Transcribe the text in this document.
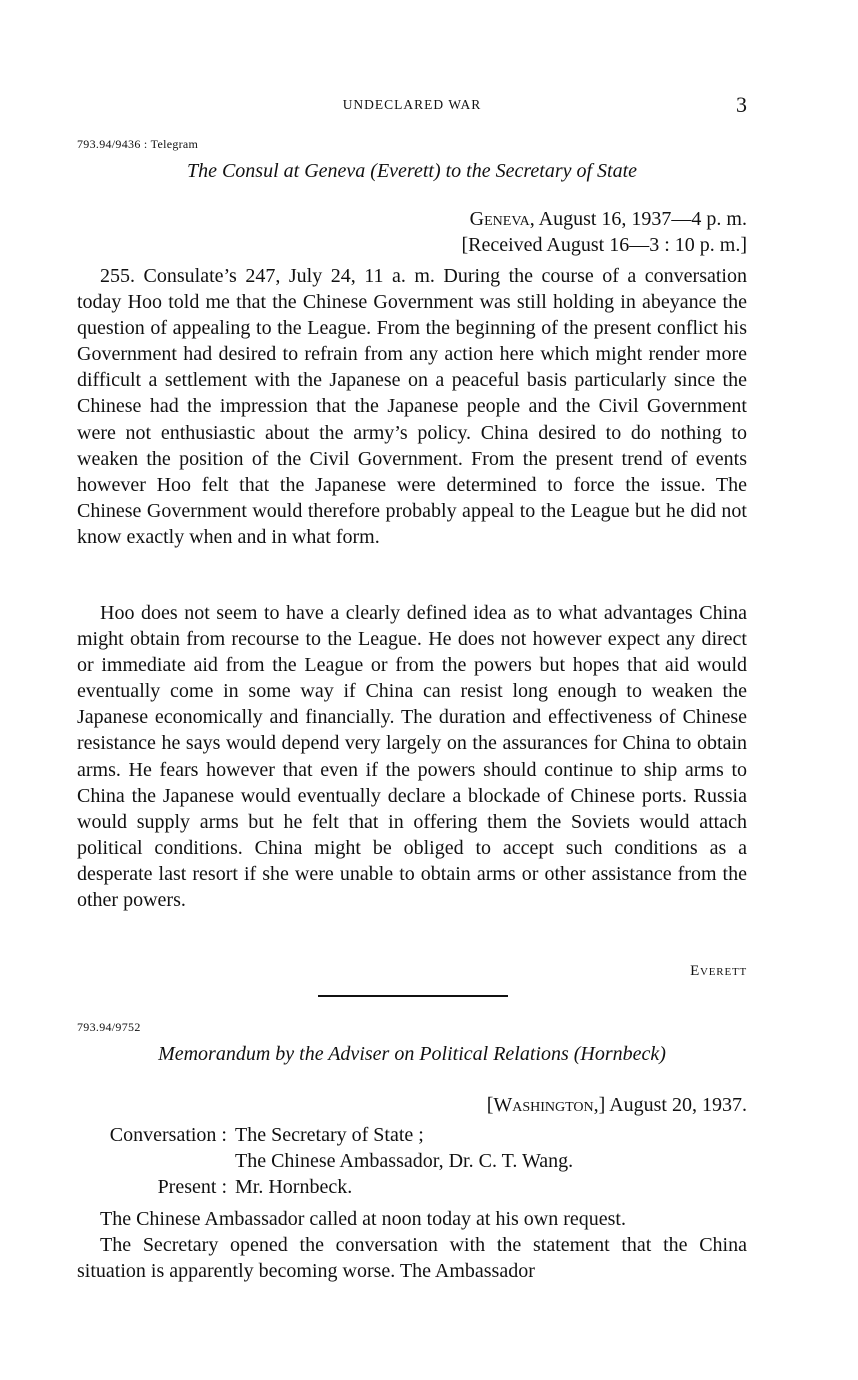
UNDECLARED WAR	3
793.94/9436 : Telegram
The Consul at Geneva (Everett) to the Secretary of State
Geneva, August 16, 1937—4 p. m.
[Received August 16—3 : 10 p. m.]

255. Consulate’s 247, July 24, 11 a. m. During the course of a conversation today Hoo told me that the Chinese Government was still holding in abeyance the question of appealing to the League. From the beginning of the present conflict his Government had desired to refrain from any action here which might render more difficult a settlement with the Japanese on a peaceful basis particularly since the Chinese had the impression that the Japanese people and the Civil Government were not enthusiastic about the army’s policy. China desired to do nothing to weaken the position of the Civil Government. From the present trend of events however Hoo felt that the Japanese were determined to force the issue. The Chinese Government would therefore probably appeal to the League but he did not know exactly when and in what form.

Hoo does not seem to have a clearly defined idea as to what advantages China might obtain from recourse to the League. He does not however expect any direct or immediate aid from the League or from the powers but hopes that aid would eventually come in some way if China can resist long enough to weaken the Japanese economically and financially. The duration and effectiveness of Chinese resistance he says would depend very largely on the assurances for China to obtain arms. He fears however that even if the powers should continue to ship arms to China the Japanese would eventually declare a blockade of Chinese ports. Russia would supply arms but he felt that in offering them the Soviets would attach political conditions. China might be obliged to accept such conditions as a desperate last resort if she were unable to obtain arms or other assistance from the other powers.

Everett
793.94/9752
Memorandum by the Adviser on Political Relations (Hornbeck)
[Washington,] August 20, 1937.
Conversation : The Secretary of State ;
The Chinese Ambassador, Dr. C. T. Wang.
Present : Mr. Hornbeck.

The Chinese Ambassador called at noon today at his own request.

The Secretary opened the conversation with the statement that the China situation is apparently becoming worse. The Ambassador
